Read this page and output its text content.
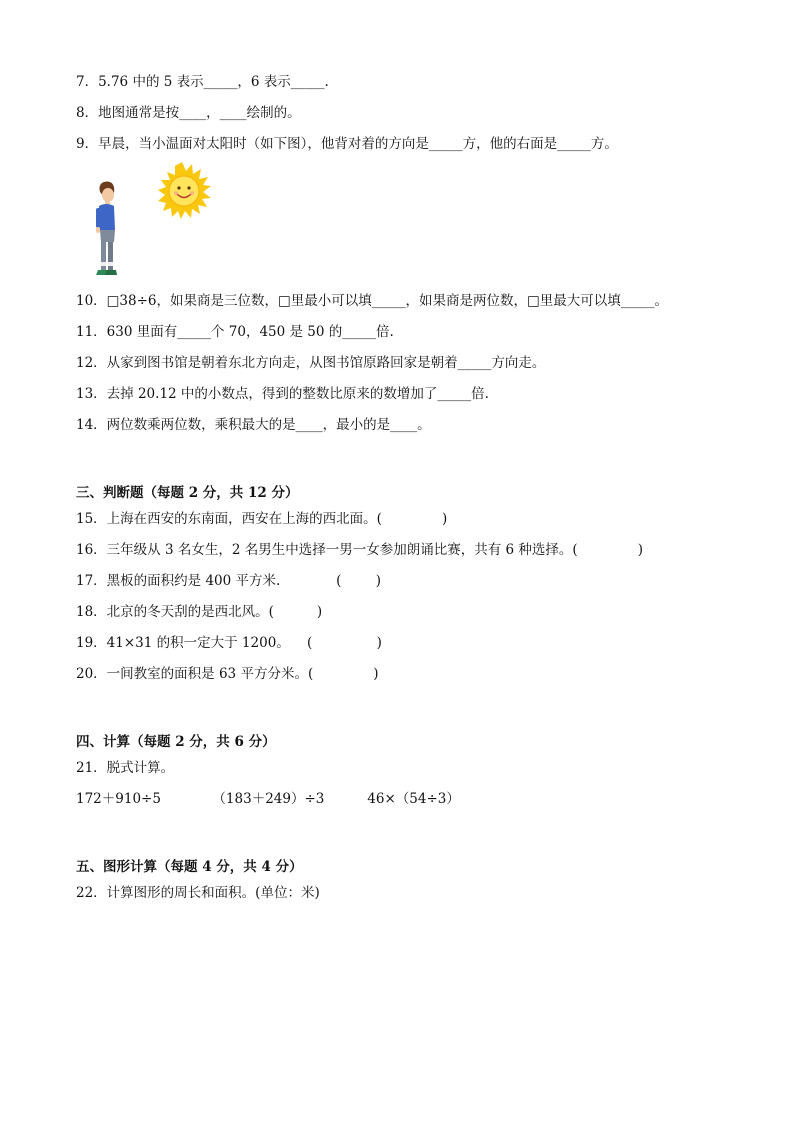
7．5.76 中的 5 表示_____，6 表示_____.
8．地图通常是按____，____绘制的。
9．早晨，当小温面对太阳时（如下图），他背对着的方向是_____方，他的右面是_____方。
10．□38÷6，如果商是三位数，□里最小可以填_____，如果商是两位数，□里最大可以填_____。
11．630 里面有_____个 70，450 是 50 的_____倍.
12．从家到图书馆是朝着东北方向走，从图书馆原路回家是朝着_____方向走。
13．去掉 20.12 中的小数点，得到的整数比原来的数增加了_____倍.
14．两位数乘两位数，乘积最大的是____，最小的是____。
三、判断题（每题 2 分，共 12 分）
15．上海在西安的东南面，西安在上海的西北面。(              )
16．三年级从 3 名女生，2 名男生中选择一男一女参加朗诵比赛，共有 6 种选择。(              )
17．黑板的面积约是 400 平方米.             (        )
18．北京的冬天刮的是西北风。(          )
19．41×31 的积一定大于 1200。    (               )
20．一间教室的面积是 63 平方分米。(              )
四、计算（每题 2 分，共 6 分）
21．脱式计算。
172＋910÷5            （183＋249）÷3          46×（54÷3）
五、图形计算（每题 4 分，共 4 分）
22．计算图形的周长和面积。(单位：米)
